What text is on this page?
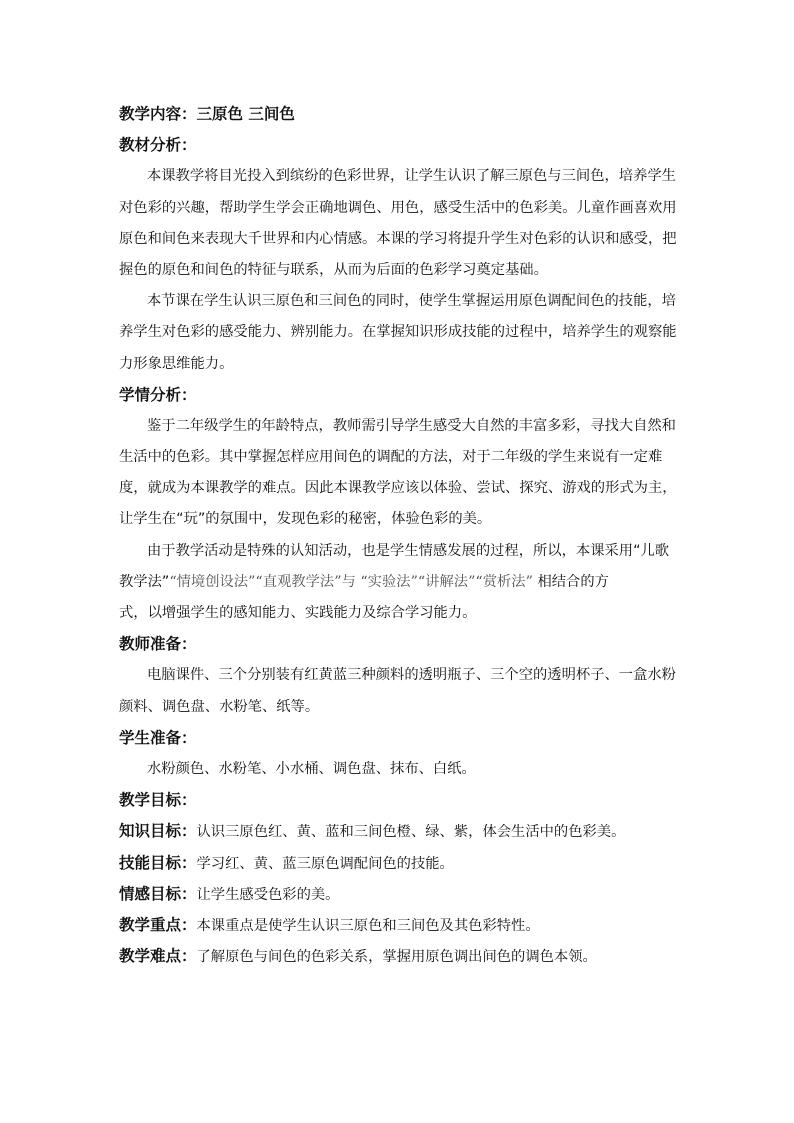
教学内容：三原色 三间色
教材分析：
本课教学将目光投入到缤纷的色彩世界，让学生认识了解三原色与三间色，培养学生
对色彩的兴趣，帮助学生学会正确地调色、用色，感受生活中的色彩美。儿童作画喜欢用
原色和间色来表现大千世界和内心情感。本课的学习将提升学生对色彩的认识和感受，把
握色的原色和间色的特征与联系，从而为后面的色彩学习奠定基础。
本节课在学生认识三原色和三间色的同时，使学生掌握运用原色调配间色的技能，培
养学生对色彩的感受能力、辨别能力。在掌握知识形成技能的过程中，培养学生的观察能
力形象思维能力。
学情分析：
鉴于二年级学生的年龄特点，教师需引导学生感受大自然的丰富多彩，寻找大自然和
生活中的色彩。其中掌握怎样应用间色的调配的方法，对于二年级的学生来说有一定难
度，就成为本课教学的难点。因此本课教学应该以体验、尝试、探究、游戏的形式为主，
让学生在“玩”的氛围中，发现色彩的秘密，体验色彩的美。
由于教学活动是特殊的认知活动，也是学生情感发展的过程，所以，本课采用“儿歌
教学法”“情境创设法”“直观教学法”与 “实验法”“讲解法”“赏析法” 相结合的方
式，以增强学生的感知能力、实践能力及综合学习能力。
教师准备：
电脑课件、三个分别装有红黄蓝三种颜料的透明瓶子、三个空的透明杯子、一盒水粉
颜料、调色盘、水粉笔、纸等。
学生准备：
水粉颜色、水粉笔、小水桶、调色盘、抹布、白纸。
教学目标：
知识目标：认识三原色红、黄、蓝和三间色橙、绿、紫，体会生活中的色彩美。
技能目标：学习红、黄、蓝三原色调配间色的技能。
情感目标：让学生感受色彩的美。
教学重点：本课重点是使学生认识三原色和三间色及其色彩特性。
教学难点：了解原色与间色的色彩关系，掌握用原色调出间色的调色本领。
